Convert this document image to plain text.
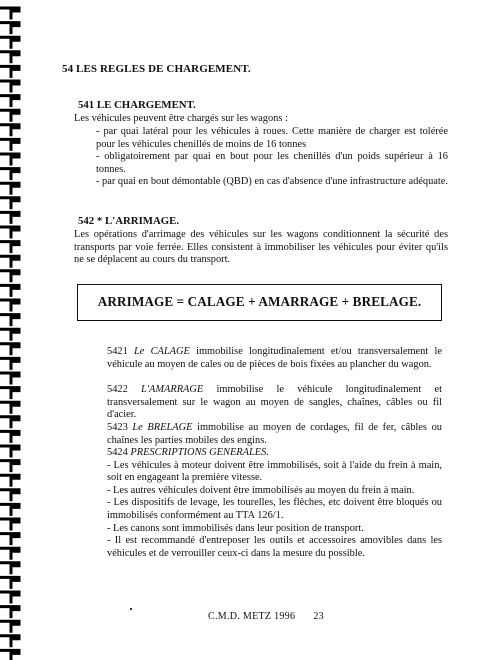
54 LES REGLES DE CHARGEMENT.
541 LE CHARGEMENT.
Les véhicules peuvent être chargés sur les wagons :
- par quai latéral pour les véhicules à roues. Cette manière de charger est tolérée pour les véhicules chenillés de moins de 16 tonnes
- obligatoirement par quai en bout pour les chenillés d'un poids supérieur à 16 tonnes.
- par quai en bout démontable (QBD) en cas d'absence d'une infrastructure adéquate.
542 * L'ARRIMAGE.
Les opérations d'arrimage des véhicules sur les wagons conditionnent la sécurité des transports par voie ferrée. Elles consistent à immobiliser les véhicules pour éviter qu'ils ne se déplacent au cours du transport.
ARRIMAGE = CALAGE + AMARRAGE + BRELAGE.

5421 Le CALAGE immobilise longitudinalement et/ou transversalement le véhicule au moyen de cales ou de pièces de bois fixées au plancher du wagon.

5422 L'AMARRAGE immobilise le véhicule longitudinalement et transversalement sur le wagon au moyen de sangles, chaînes, câbles ou fil d'acier.

5423 Le BRELAGE immobilise au moyen de cordages, fil de fer, câbles ou chaînes les parties mobiles des engins.

5424 PRESCRIPTIONS GENERALES.

- Les véhicules à moteur doivent être immobilisés, soit à l'aide du frein à main, soit en engageant la première vitesse.

- Les autres véhicules doivent être immobilisés au moyen du frein à main.

- Les dispositifs de levage, les tourelles, les flèches, etc doivent être bloqués ou immobilisés conformément au TTA 126/1.

- Les canons sont immobilisés dans leur position de transport.

- Il est recommandé d'entreposer les outils et accessoires amovibles dans les véhicules et de verrouiller ceux-ci dans la mesure du possible.

C.M.D. METZ 1996 23
